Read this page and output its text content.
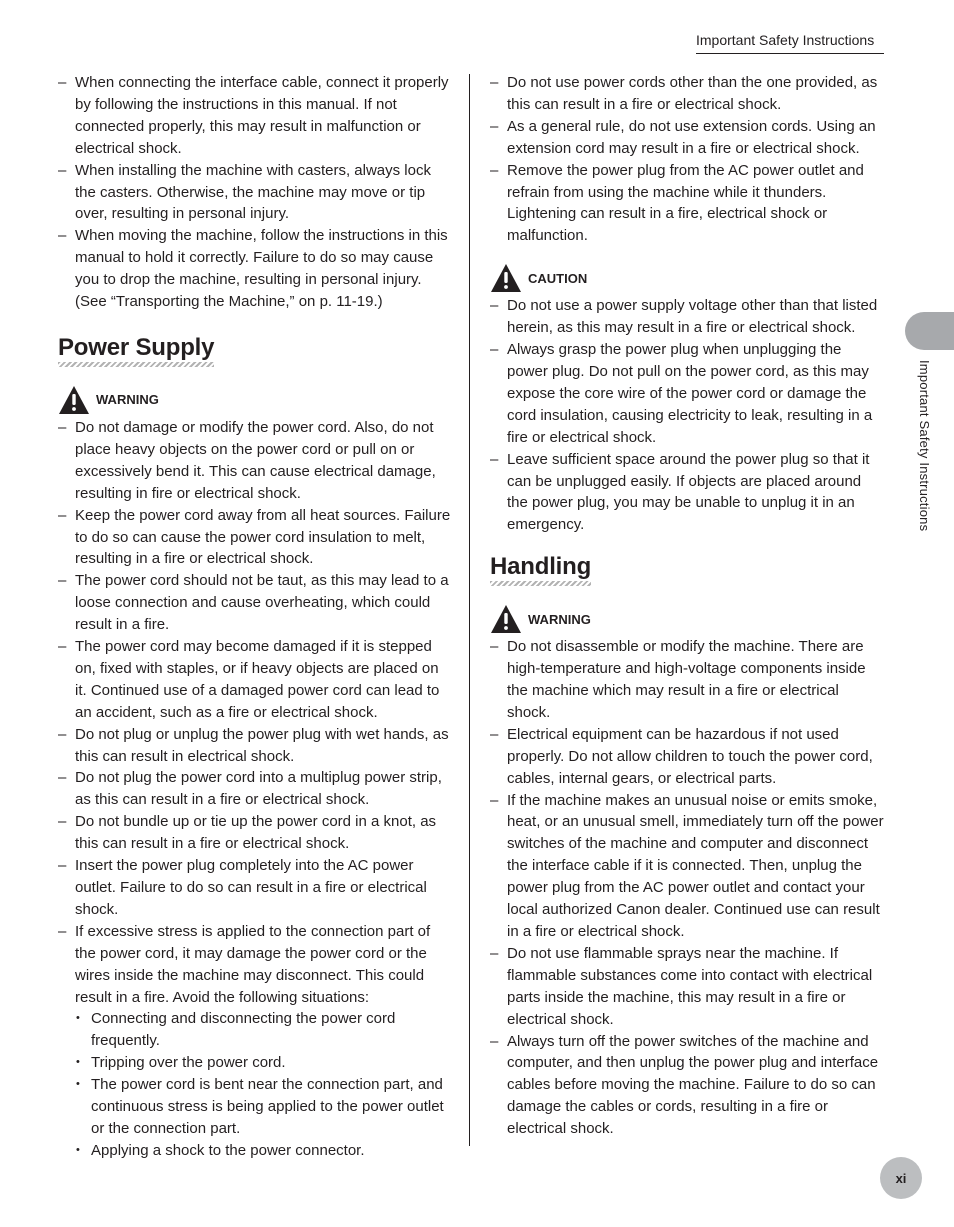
Important Safety Instructions
Important Safety Instructions
– When connecting the interface cable, connect it properly by following the instructions in this manual. If not connected properly, this may result in malfunction or electrical shock.
– When installing the machine with casters, always lock the casters. Otherwise, the machine may move or tip over, resulting in personal injury.
– When moving the machine, follow the instructions in this manual to hold it correctly. Failure to do so may cause you to drop the machine, resulting in personal injury. (See “Transporting the Machine,” on p. 11-19.)
Power Supply
WARNING
– Do not damage or modify the power cord. Also, do not place heavy objects on the power cord or pull on or excessively bend it. This can cause electrical damage, resulting in fire or electrical shock.
– Keep the power cord away from all heat sources. Failure to do so can cause the power cord insulation to melt, resulting in a fire or electrical shock.
– The power cord should not be taut, as this may lead to a loose connection and cause overheating, which could result in a fire.
– The power cord may become damaged if it is stepped on, fixed with staples, or if heavy objects are placed on it. Continued use of a damaged power cord can lead to an accident, such as a fire or electrical shock.
– Do not plug or unplug the power plug with wet hands, as this can result in electrical shock.
– Do not plug the power cord into a multiplug power strip, as this can result in a fire or electrical shock.
– Do not bundle up or tie up the power cord in a knot, as this can result in a fire or electrical shock.
– Insert the power plug completely into the AC power outlet. Failure to do so can result in a fire or electrical shock.
– If excessive stress is applied to the connection part of the power cord, it may damage the power cord or the wires inside the machine may disconnect. This could result in a fire. Avoid the following situations:
• Connecting and disconnecting the power cord frequently.
• Tripping over the power cord.
• The power cord is bent near the connection part, and continuous stress is being applied to the power outlet or the connection part.
• Applying a shock to the power connector.
– Do not use power cords other than the one provided, as this can result in a fire or electrical shock.
– As a general rule, do not use extension cords. Using an extension cord may result in a fire or electrical shock.
– Remove the power plug from the AC power outlet and refrain from using the machine while it thunders. Lightening can result in a fire, electrical shock or malfunction.
CAUTION
– Do not use a power supply voltage other than that listed herein, as this may result in a fire or electrical shock.
– Always grasp the power plug when unplugging the power plug. Do not pull on the power cord, as this may expose the core wire of the power cord or damage the cord insulation, causing electricity to leak, resulting in a fire or electrical shock.
– Leave sufficient space around the power plug so that it can be unplugged easily. If objects are placed around the power plug, you may be unable to unplug it in an emergency.
Handling
WARNING
– Do not disassemble or modify the machine. There are high-temperature and high-voltage components inside the machine which may result in a fire or electrical shock.
– Electrical equipment can be hazardous if not used properly. Do not allow children to touch the power cord, cables, internal gears, or electrical parts.
– If the machine makes an unusual noise or emits smoke, heat, or an unusual smell, immediately turn off the power switches of the machine and computer and disconnect the interface cable if it is connected. Then, unplug the power plug from the AC power outlet and contact your local authorized Canon dealer. Continued use can result in a fire or electrical shock.
– Do not use flammable sprays near the machine. If flammable substances come into contact with electrical parts inside the machine, this may result in a fire or electrical shock.
– Always turn off the power switches of the machine and computer, and then unplug the power plug and interface cables before moving the machine. Failure to do so can damage the cables or cords, resulting in a fire or electrical shock.
xi
